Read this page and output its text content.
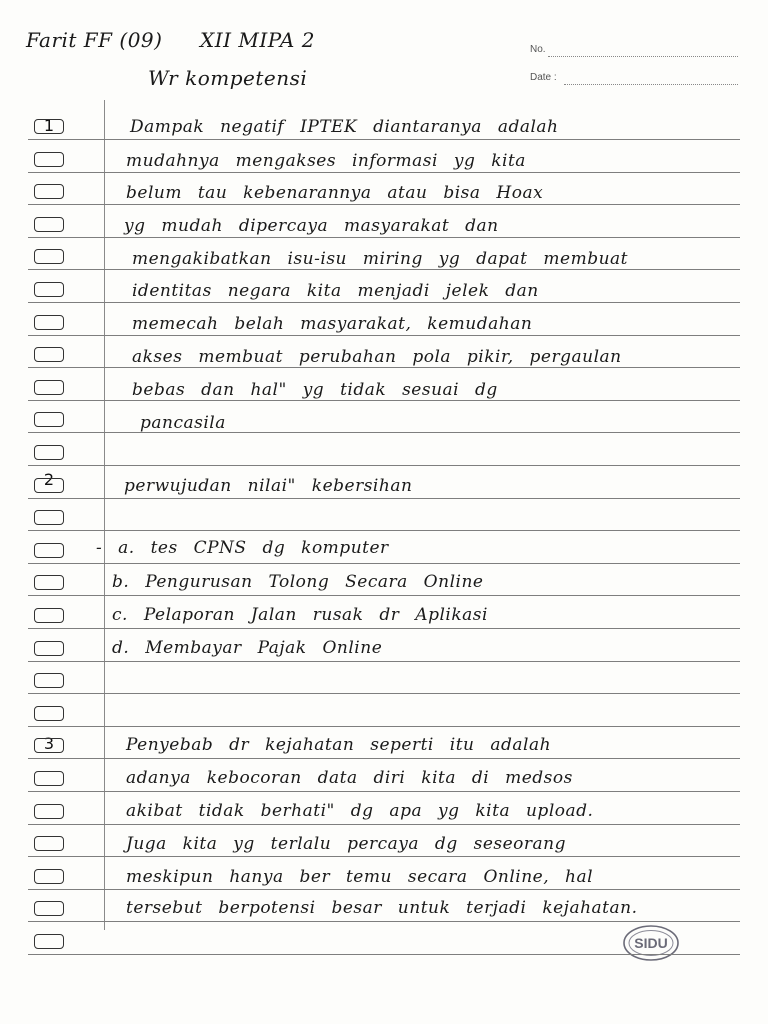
Farit FF (09) XII MIPA 2
Wr kompetensi
No.
Date :
1
2
3
Dampak negatif IPTEK diantaranya adalah
mudahnya mengakses informasi yg kita
belum tau kebenarannya atau bisa Hoax
yg mudah dipercaya masyarakat dan
mengakibatkan isu-isu miring yg dapat membuat
identitas negara kita menjadi jelek dan
memecah belah masyarakat, kemudahan
akses membuat perubahan pola pikir, pergaulan
bebas dan hal" yg tidak sesuai dg
pancasila
perwujudan nilai" kebersihan
- a. tes CPNS dg komputer
b. Pengurusan Tolong Secara Online
c. Pelaporan Jalan rusak dr Aplikasi
d. Membayar Pajak Online
Penyebab dr kejahatan seperti itu adalah
adanya kebocoran data diri kita di medsos
akibat tidak berhati" dg apa yg kita upload.
Juga kita yg terlalu percaya dg seseorang
meskipun hanya ber temu secara Online, hal
tersebut berpotensi besar untuk terjadi kejahatan.
SIDU
